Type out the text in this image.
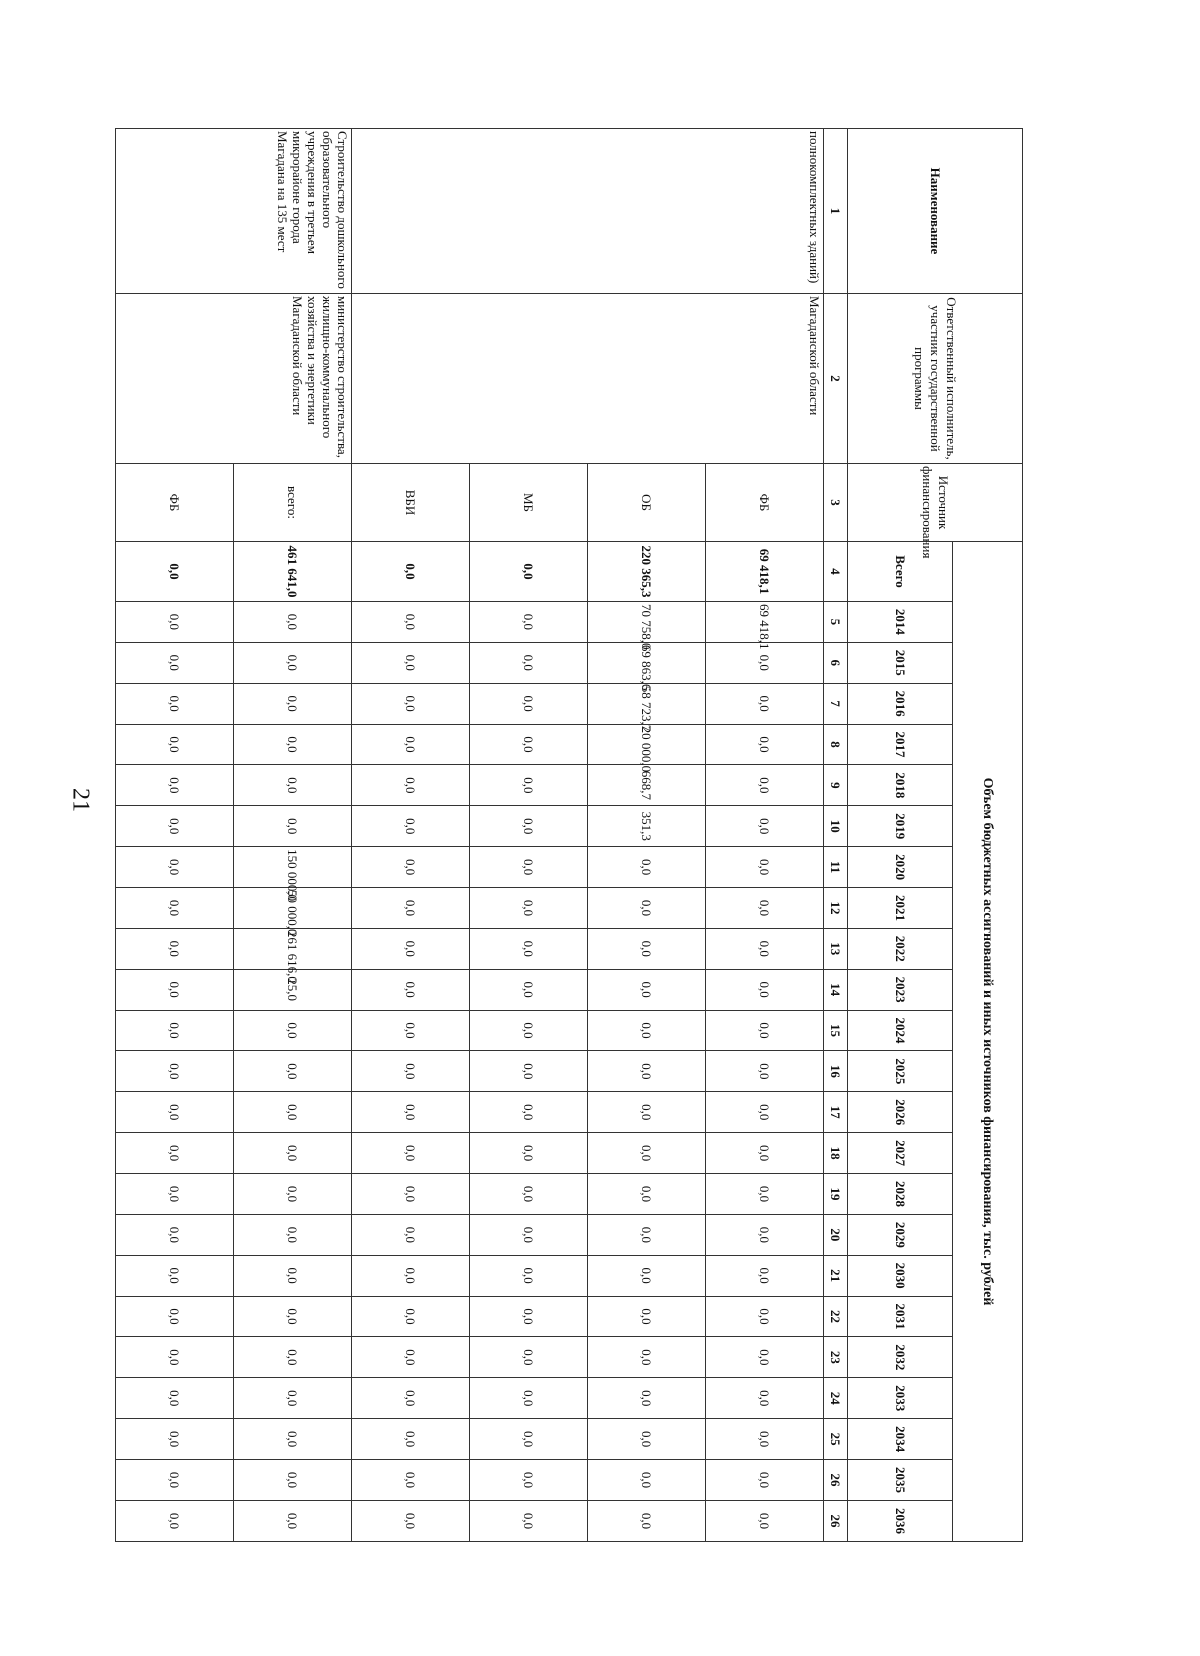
21
Наименование	Ответственный исполнитель, участник государственной программы	Источник финансирования	Объем бюджетных ассигнований и иных источников финансирования, тыс. рублей																							
			Всего	2014	2015	2016	2017	2018	2019	2020	2021	2022	2023	2024	2025	2026	2027	2028	2029	2030	2031	2032	2033	2034	2035	2036
1	2	3	4	5	6	7	8	9	10	11	12	13	14	15	16	17	18	19	20	21	22	23	24	25	26	26
полнокомплектных зданий)	Магаданской области	ФБ	69 418,1	69 418,1	0,0	0,0	0,0	0,0	0,0	0,0	0,0	0,0	0,0	0,0	0,0	0,0	0,0	0,0	0,0	0,0	0,0	0,0	0,0	0,0	0,0	0,0
		ОБ	220 365,3	70 758,0	69 863,6	58 723,7	20 000,0	668,7	351,3	0,0	0,0	0,0	0,0	0,0	0,0	0,0	0,0	0,0	0,0	0,0	0,0	0,0	0,0	0,0	0,0	0,0
		МБ	0,0	0,0	0,0	0,0	0,0	0,0	0,0	0,0	0,0	0,0	0,0	0,0	0,0	0,0	0,0	0,0	0,0	0,0	0,0	0,0	0,0	0,0	0,0	0,0
		ВБИ	0,0	0,0	0,0	0,0	0,0	0,0	0,0	0,0	0,0	0,0	0,0	0,0	0,0	0,0	0,0	0,0	0,0	0,0	0,0	0,0	0,0	0,0	0,0	0,0
Строительство дошкольного образовательного учреждения в третьем микрорайоне города Магадана на 135 мест	министерство строительства, жилищно-коммунального хозяйства и энергетики Магаданской области	всего:	461 641,0	0,0	0,0	0,0	0,0	0,0	0,0	150 000,0	50 000,0	261 616,0	25,0	0,0	0,0	0,0	0,0	0,0	0,0	0,0	0,0	0,0	0,0	0,0	0,0	0,0
		ФБ	0,0	0,0	0,0	0,0	0,0	0,0	0,0	0,0	0,0	0,0	0,0	0,0	0,0	0,0	0,0	0,0	0,0	0,0	0,0	0,0	0,0	0,0	0,0	0,0
